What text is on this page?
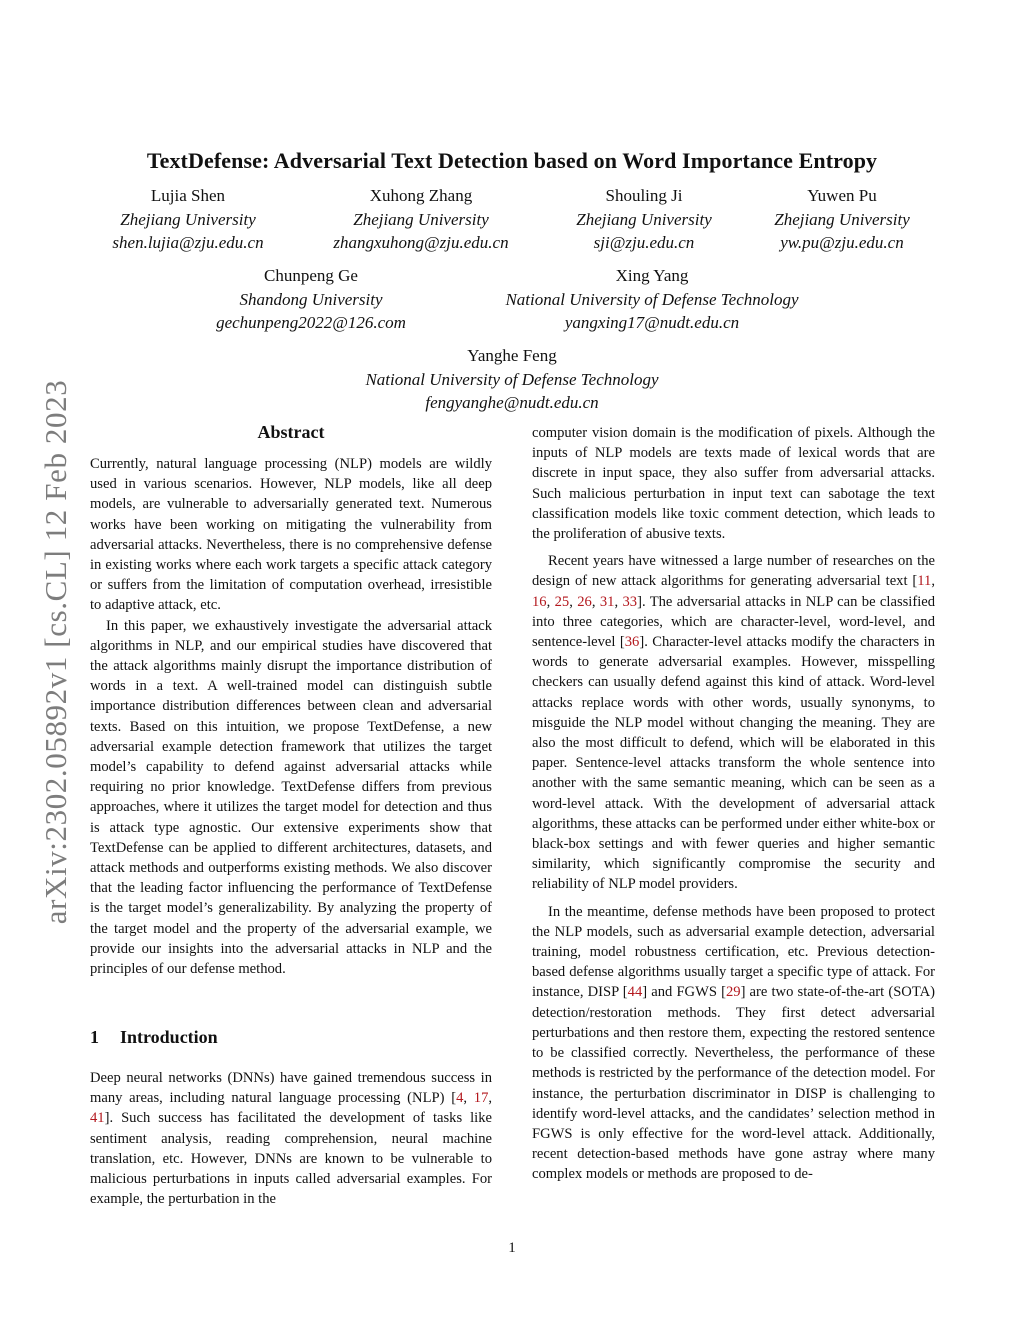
arXiv:2302.05892v1 [cs.CL] 12 Feb 2023
TextDefense: Adversarial Text Detection based on Word Importance Entropy
Lujia Shen
Zhejiang University
shen.lujia@zju.edu.cn
Xuhong Zhang
Zhejiang University
zhangxuhong@zju.edu.cn
Shouling Ji
Zhejiang University
sji@zju.edu.cn
Yuwen Pu
Zhejiang University
yw.pu@zju.edu.cn
Chunpeng Ge
Shandong University
gechunpeng2022@126.com
Xing Yang
National University of Defense Technology
yangxing17@nudt.edu.cn
Yanghe Feng
National University of Defense Technology
fengyanghe@nudt.edu.cn
Abstract

Currently, natural language processing (NLP) models are wildly used in various scenarios. However, NLP models, like all deep models, are vulnerable to adversarially generated text. Numerous works have been working on mitigating the vulnerability from adversarial attacks. Nevertheless, there is no comprehensive defense in existing works where each work targets a specific attack category or suffers from the limitation of computation overhead, irresistible to adaptive attack, etc.

In this paper, we exhaustively investigate the adversarial attack algorithms in NLP, and our empirical studies have discovered that the attack algorithms mainly disrupt the importance distribution of words in a text. A well-trained model can distinguish subtle importance distribution differences between clean and adversarial texts. Based on this intuition, we propose TextDefense, a new adversarial example detection framework that utilizes the target model’s capability to defend against adversarial attacks while requiring no prior knowledge. TextDefense differs from previous approaches, where it utilizes the target model for detection and thus is attack type agnostic. Our extensive experiments show that TextDefense can be applied to different architectures, datasets, and attack methods and outperforms existing methods. We also discover that the leading factor influencing the performance of TextDefense is the target model’s generalizability. By analyzing the property of the target model and the property of the adversarial example, we provide our insights into the adversarial attacks in NLP and the principles of our defense method.

1 Introduction

Deep neural networks (DNNs) have gained tremendous success in many areas, including natural language processing (NLP) [4, 17, 41]. Such success has facilitated the development of tasks like sentiment analysis, reading comprehension, neural machine translation, etc. However, DNNs are known to be vulnerable to malicious perturbations in inputs called adversarial examples. For example, the perturbation in the

computer vision domain is the modification of pixels. Although the inputs of NLP models are texts made of lexical words that are discrete in input space, they also suffer from adversarial attacks. Such malicious perturbation in input text can sabotage the text classification models like toxic comment detection, which leads to the proliferation of abusive texts.

Recent years have witnessed a large number of researches on the design of new attack algorithms for generating adversarial text [11, 16, 25, 26, 31, 33]. The adversarial attacks in NLP can be classified into three categories, which are character-level, word-level, and sentence-level [36]. Character-level attacks modify the characters in words to generate adversarial examples. However, misspelling checkers can usually defend against this kind of attack. Word-level attacks replace words with other words, usually synonyms, to misguide the NLP model without changing the meaning. They are also the most difficult to defend, which will be elaborated in this paper. Sentence-level attacks transform the whole sentence into another with the same semantic meaning, which can be seen as a word-level attack. With the development of adversarial attack algorithms, these attacks can be performed under either white-box or black-box settings and with fewer queries and higher semantic similarity, which significantly compromise the security and reliability of NLP model providers.

In the meantime, defense methods have been proposed to protect the NLP models, such as adversarial example detection, adversarial training, model robustness certification, etc. Previous detection-based defense algorithms usually target a specific type of attack. For instance, DISP [44] and FGWS [29] are two state-of-the-art (SOTA) detection/restoration methods. They first detect adversarial perturbations and then restore them, expecting the restored sentence to be classified correctly. Nevertheless, the performance of these methods is restricted by the performance of the detection model. For instance, the perturbation discriminator in DISP is challenging to identify word-level attacks, and the candidates’ selection method in FGWS is only effective for the word-level attack. Additionally, recent detection-based methods have gone astray where many complex models or methods are proposed to de-

1
